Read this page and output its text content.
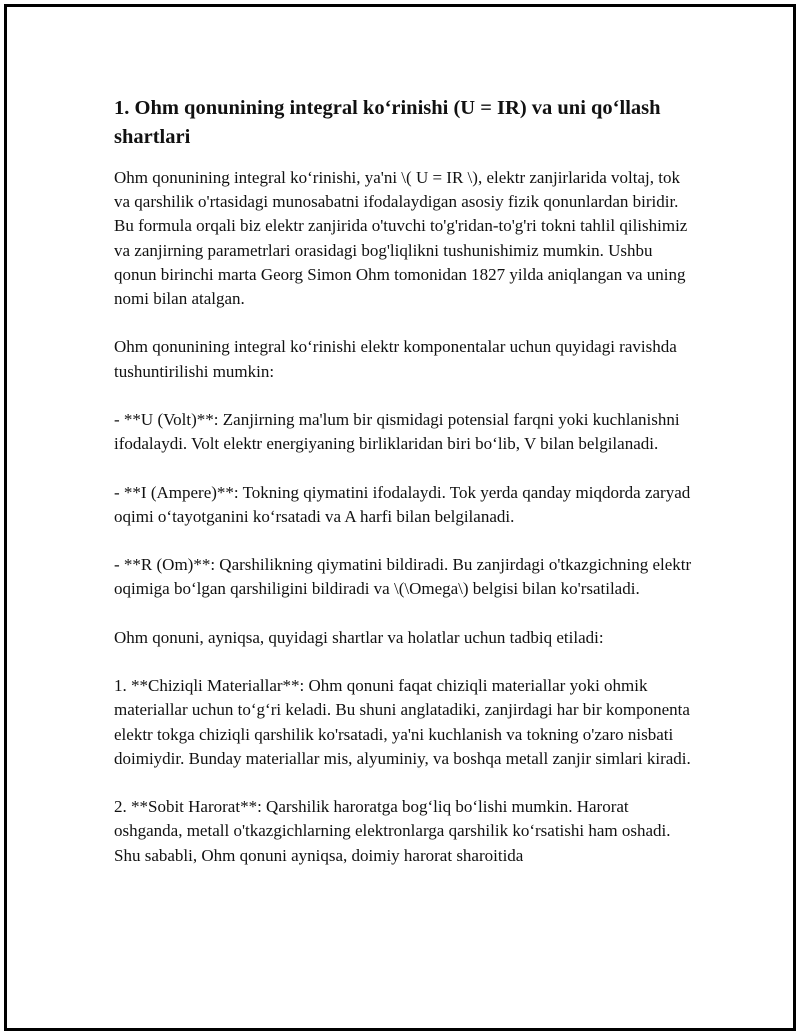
1. Ohm qonunining integral ko‘rinishi (U = IR) va uni qo‘llash shartlari

Ohm qonunining integral ko‘rinishi, ya'ni \( U = IR \), elektr zanjirlarida voltaj, tok va qarshilik o'rtasidagi munosabatni ifodalaydigan asosiy fizik qonunlardan biridir. Bu formula orqali biz elektr zanjirida o'tuvchi to'g'ridan-to'g'ri tokni tahlil qilishimiz va zanjirning parametrlari orasidagi bog'liqlikni tushunishimiz mumkin. Ushbu qonun birinchi marta Georg Simon Ohm tomonidan 1827 yilda aniqlangan va uning nomi bilan atalgan.

Ohm qonunining integral ko‘rinishi elektr komponentalar uchun quyidagi ravishda tushuntirilishi mumkin:

- **U (Volt)**: Zanjirning ma'lum bir qismidagi potensial farqni yoki kuchlanishni ifodalaydi. Volt elektr energiyaning birliklaridan biri bo‘lib, V bilan belgilanadi.

- **I (Ampere)**: Tokning qiymatini ifodalaydi. Tok yerda qanday miqdorda zaryad oqimi o‘tayotganini ko‘rsatadi va A harfi bilan belgilanadi.

- **R (Om)**: Qarshilikning qiymatini bildiradi. Bu zanjirdagi o'tkazgichning elektr oqimiga bo‘lgan qarshiligini bildiradi va \(\Omega\) belgisi bilan ko'rsatiladi.

Ohm qonuni, ayniqsa, quyidagi shartlar va holatlar uchun tadbiq etiladi:

1. **Chiziqli Materiallar**: Ohm qonuni faqat chiziqli materiallar yoki ohmik materiallar uchun to‘g‘ri keladi. Bu shuni anglatadiki, zanjirdagi har bir komponenta elektr tokga chiziqli qarshilik ko'rsatadi, ya'ni kuchlanish va tokning o'zaro nisbati doimiydir. Bunday materiallar mis, alyuminiy, va boshqa metall zanjir simlari kiradi.

2. **Sobit Harorat**: Qarshilik haroratga bog‘liq bo‘lishi mumkin. Harorat oshganda, metall o'tkazgichlarning elektronlarga qarshilik ko‘rsatishi ham oshadi. Shu sababli, Ohm qonuni ayniqsa, doimiy harorat sharoitida
